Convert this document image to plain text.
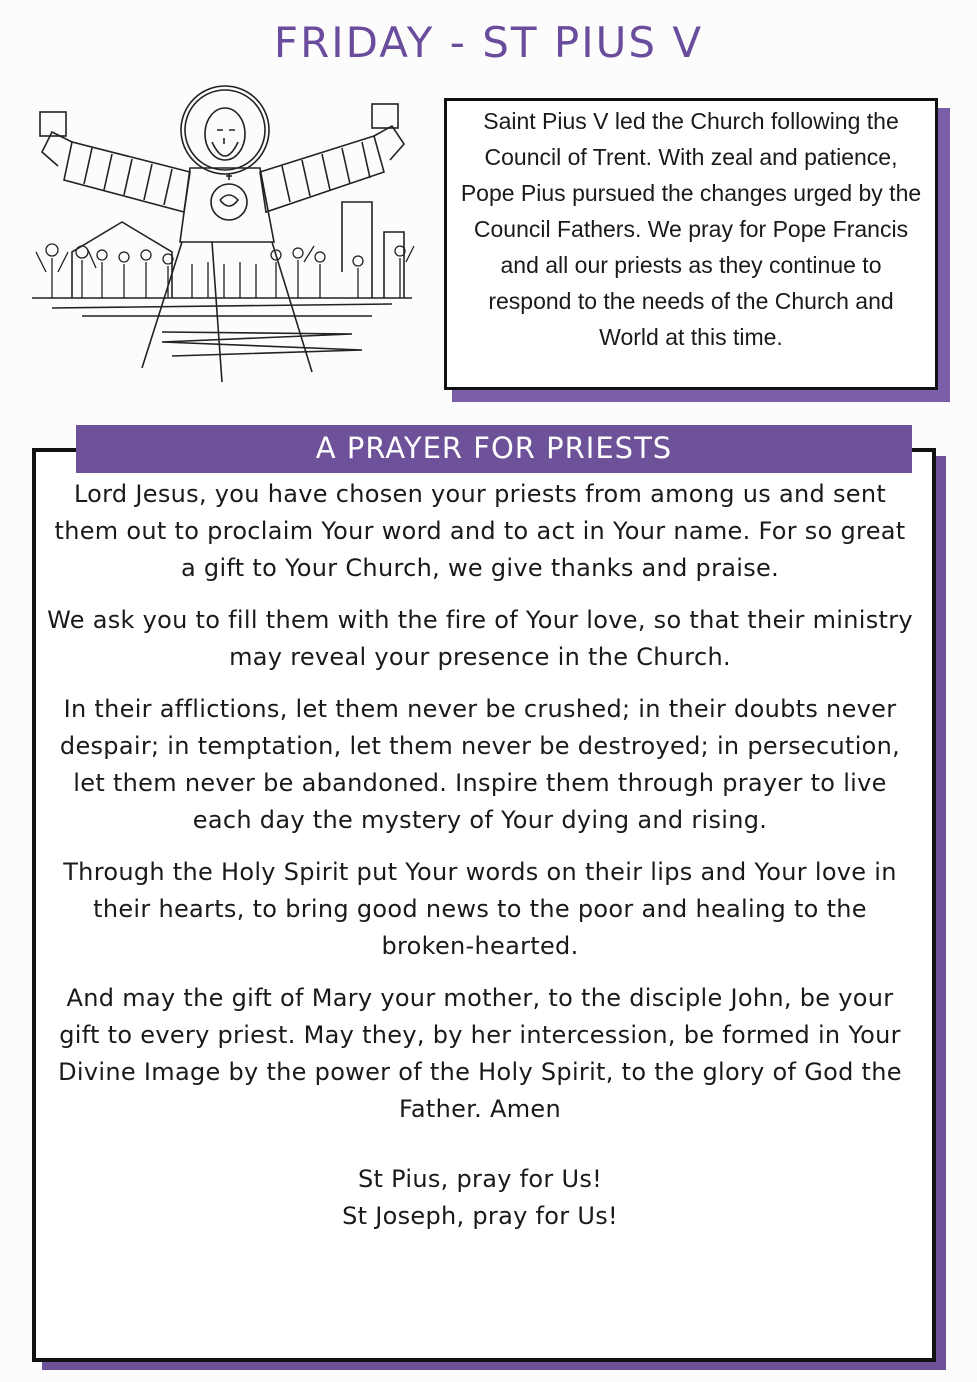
FRIDAY - ST PIUS V
Saint Pius V led the Church following the Council of Trent. With zeal and patience, Pope Pius pursued the changes urged by the Council Fathers. We pray for Pope Francis and all our priests as they continue to respond to the needs of the Church and World at this time.
A PRAYER FOR PRIESTS

Lord Jesus, you have chosen your priests from among us and sent them out to proclaim Your word and to act in Your name. For so great a gift to Your Church, we give thanks and praise.

We ask you to fill them with the fire of Your love, so that their ministry may reveal your presence in the Church.

In their afflictions, let them never be crushed; in their doubts never despair; in temptation, let them never be destroyed; in persecution, let them never be abandoned. Inspire them through prayer to live each day the mystery of Your dying and rising.

Through the Holy Spirit put Your words on their lips and Your love in their hearts, to bring good news to the poor and healing to the broken-hearted.

And may the gift of Mary your mother, to the disciple John, be your gift to every priest. May they, by her intercession, be formed in Your Divine Image by the power of the Holy Spirit, to the glory of God the Father. Amen

St Pius, pray for Us!
St Joseph, pray for Us!
